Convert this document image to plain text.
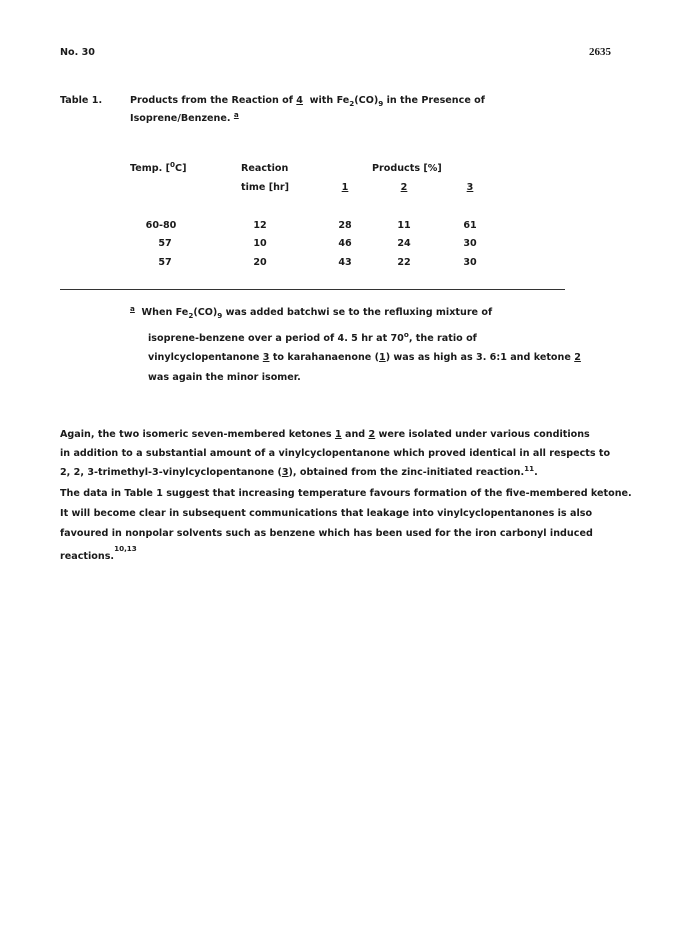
No. 30	2635
Table 1.	Products from the Reaction of 4 with $Fe_2(CO)_9$ in the Presence of
Isoprene/Benzene. $^a$
Temp. [$^0$C]	Reaction
time [hr]
Products [%]
1	2	3
60-80	12	28	11	61
57	10	46	24	30
57	20	43	22	30
$^a$ When $Fe_2(CO)_9$ was added batchwi se to the refluxing mixture of
isoprene-benzene over a period of 4. 5 hr at 70$^o$, the ratio of
vinylcyclopentanone 3 to karahanaenone (1) was as high as 3. 6:1 and ketone 2
was again the minor isomer.
Again, the two isomeric seven-membered ketones 1 and 2 were isolated under various conditions
in addition to a substantial amount of a vinylcyclopentanone which proved identical in all respects to
2, 2, 3-trimethyl-3-vinylcyclopentanone (3), obtained from the zinc-initiated reaction.$^{11}$.
The data in Table 1 suggest that increasing temperature favours formation of the five-membered ketone.
It will become clear in subsequent communications that leakage into vinylcyclopentanones is also
favoured in nonpolar solvents such as benzene which has been used for the iron carbonyl induced
reactions.$^{10,13}$
